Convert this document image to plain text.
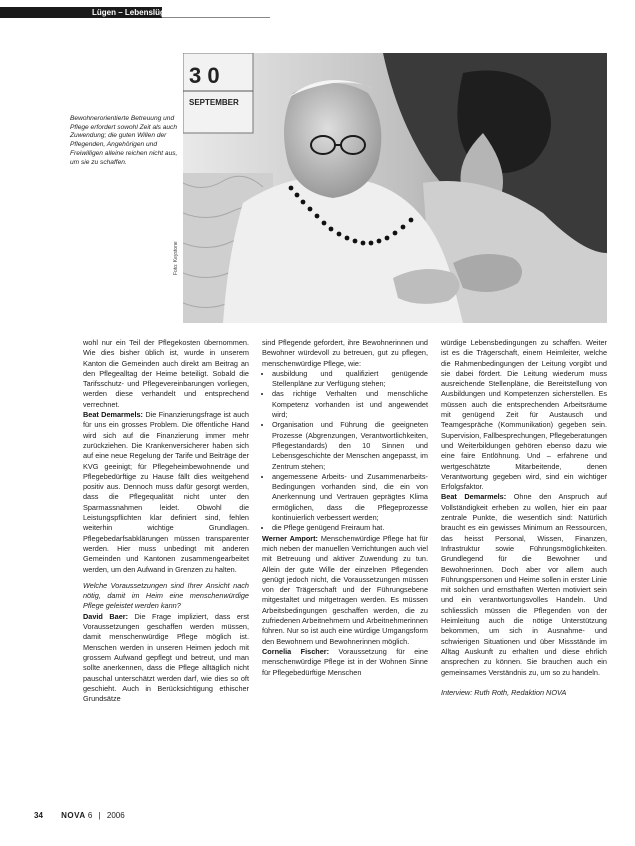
Lügen – Lebenslügen
3 0
SEPTEMBER

Bewohnerorientierte Betreuung und Pflege erfordert sowohl Zeit als auch Zuwendung; die guten Willen der Pflegenden, Angehörigen und Freiwilligen alleine reichen nicht aus, um sie zu schaffen.

Foto: Keystone

wohl nur ein Teil der Pflegekosten übernommen. Wie dies bisher üblich ist, wurde in unserem Kanton die Gemeinden auch direkt am Beitrag an den Pflegealltag der Heime beteiligt. Sobald die Tarifsschutz- und Pflegevereinbarungen vorliegen, werden diese verhandelt und entsprechend verrechnet.

Beat Demarmels: Die Finanzierungsfrage ist auch für uns ein grosses Problem. Die öffentliche Hand wird sich auf die Finanzierung immer mehr zurückziehen. Die Krankenversicherer haben sich auf eine neue Regelung der Tarife und Beiträge der KVG geeinigt; für Pflegeheimbewohnende und Pflegebedürftige zu Hause fällt dies weitgehend positiv aus. Dennoch muss dafür gesorgt werden, dass die Pflegequalität nicht unter den Sparmassnahmen leidet. Obwohl die Leistungspflichten klar definiert sind, fehlen weiterhin wichtige Grundlagen. Pflegebedarfsabklärungen müssen transparenter werden. Hier muss unbedingt mit anderen Gemeinden und Kantonen zusammengearbeitet werden, um den Aufwand in Grenzen zu halten.

Welche Voraussetzungen sind Ihrer Ansicht nach nötig, damit im Heim eine menschenwürdige Pflege geleistet werden kann?

David Baer: Die Frage impliziert, dass erst Voraussetzungen geschaffen werden müssen, damit menschenwürdige Pflege möglich ist. Menschen werden in unseren Heimen jedoch mit grossem Aufwand gepflegt und betreut, und man sollte anerkennen, dass die Pflege alltäglich nicht pauschal unterschätzt werden darf, wie dies so oft geschieht. Auch in Berücksichtigung ethischer Grundsätze

sind Pflegende gefordert, ihre Bewohnerinnen und Bewohner würdevoll zu betreuen, gut zu pflegen, menschenwürdige Pflege, wie:

• ausbildung und qualifiziert genügende Stellenpläne zur Verfügung stehen;
• das richtige Verhalten und menschliche Kompetenz vorhanden ist und angewendet wird;
• Organisation und Führung die geeigneten Prozesse (Abgrenzungen, Verantwortlichkeiten, Pflegestandards) den 10 Sinnen und Lebensgeschichte der Menschen angepasst, im Zentrum stehen;
• angemessene Arbeits- und Zusammenarbeits-Bedingungen vorhanden sind, die ein von Anerkennung und Vertrauen geprägtes Klima ermöglichen, dass die Pflegeprozesse kontinuierlich verbessert werden;
• die Pflege genügend Freiraum hat.

Werner Amport: Menschenwürdige Pflege hat für mich neben der manuellen Verrichtungen auch viel mit Betreuung und aktiver Zuwendung zu tun. Allein der gute Wille der einzelnen Pflegenden genügt jedoch nicht, die Voraussetzungen müssen von der Trägerschaft und der Führungsebene mitgestaltet und mitgetragen werden. Es müssen Arbeitsbedingungen geschaffen werden, die zu zufriedenen Arbeitnehmern und Arbeitnehmerinnen führen. Nur so ist auch eine würdige Umgangsform den Bewohnern und Bewohnerinnen möglich.

Cornelia Fischer: Voraussetzung für eine menschenwürdige Pflege ist in der Wohnen Sinne für Pflegebedürftige Menschen

würdige Lebensbedingungen zu schaffen. Weiter ist es die Trägerschaft, einem Heimleiter, welche die Rahmenbedingungen der Leitung vorgibt und sie dabei fördert. Die Leitung wiederum muss ausreichende Stellenpläne, die Bereitstellung von Ausbildungen und Kompetenzen sicherstellen. Es müssen auch die entsprechenden Arbeitsräume mit genügend Zeit für Austausch und Teamgespräche (Kommunikation) gegeben sein. Supervision, Fallbesprechungen, Pflegeberatungen und Weiterbildungen gehören ebenso dazu wie eine faire Entlöhnung. Und – erfahrene und wertgeschätzte Mitarbeitende, denen Verantwortung gegeben wird, sind ein wichtiger Erfolgsfaktor.

Beat Demarmels: Ohne den Anspruch auf Vollständigkeit erheben zu wollen, hier ein paar zentrale Punkte, die wesentlich sind: Natürlich braucht es ein gewisses Minimum an Ressourcen, das heisst Personal, Wissen, Finanzen, Infrastruktur sowie Führungsmöglichkeiten. Grundlegend für die Bewohner und Bewohnerinnen. Doch aber vor allem auch Führungspersonen und Heime sollen in erster Linie mit solchen und ernsthaften Werten motiviert sein und ein verantwortungsvolles Handeln. Und schliesslich müssen die Pflegenden von der Heimleitung auch die nötige Unterstützung bekommen, um sich in Ausnahme- und schwierigen Situationen und über Missstände im Alltag Auskunft zu erhalten und diese ehrlich ansprechen zu können. Sie brauchen auch ein gemeinsames Verständnis zu, um so zu handeln.

Interview: Ruth Roth, Redaktion NOVA

34 NOVA 6 | 2006
